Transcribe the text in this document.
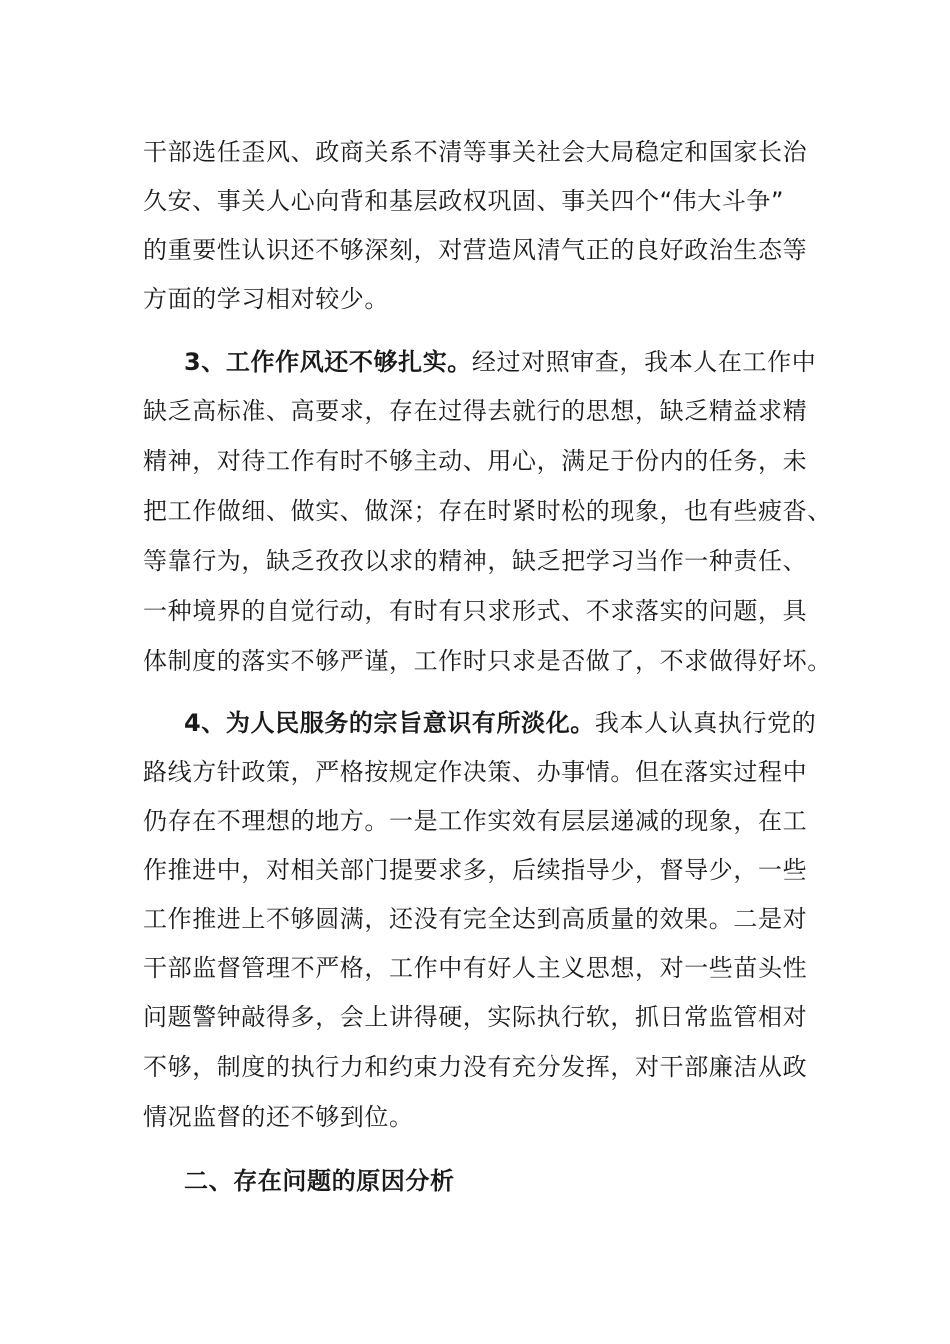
干部选任歪风、政商关系不清等事关社会大局稳定和国家长治
久安、事关人心向背和基层政权巩固、事关四个“伟大斗争”
的重要性认识还不够深刻，对营造风清气正的良好政治生态等
方面的学习相对较少。
3、工作作风还不够扎实。经过对照审查，我本人在工作中
缺乏高标准、高要求，存在过得去就行的思想，缺乏精益求精
精神，对待工作有时不够主动、用心，满足于份内的任务，未
把工作做细、做实、做深；存在时紧时松的现象，也有些疲沓、
等靠行为，缺乏孜孜以求的精神，缺乏把学习当作一种责任、
一种境界的自觉行动，有时有只求形式、不求落实的问题，具
体制度的落实不够严谨，工作时只求是否做了，不求做得好坏。
4、为人民服务的宗旨意识有所淡化。我本人认真执行党的
路线方针政策，严格按规定作决策、办事情。但在落实过程中
仍存在不理想的地方。一是工作实效有层层递减的现象，在工
作推进中，对相关部门提要求多，后续指导少，督导少，一些
工作推进上不够圆满，还没有完全达到高质量的效果。二是对
干部监督管理不严格，工作中有好人主义思想，对一些苗头性
问题警钟敲得多，会上讲得硬，实际执行软，抓日常监管相对
不够，制度的执行力和约束力没有充分发挥，对干部廉洁从政
情况监督的还不够到位。
二、存在问题的原因分析
